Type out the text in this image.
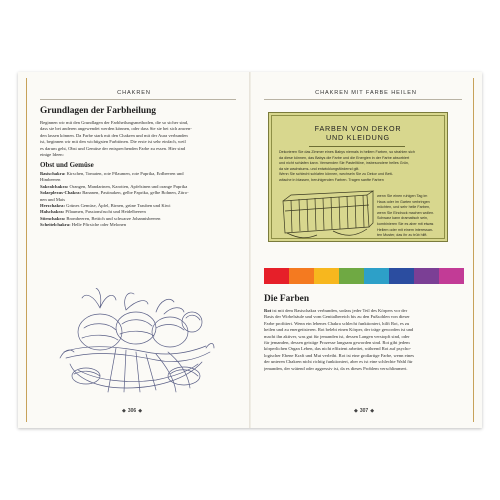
CHAKREN
Grundlagen der Farbheilung
Beginnen wir mit den Grundlagen der Farbheilungsmethoden, die so sicher sind,
dass sie bei anderen angewendet werden können, oder dass Sie sie bei sich anwen-
den lassen können. Da Farbe stark mit den Chakren und mit der Aura verbunden
ist, beginnen wir mit den wichtigsten Farbtönen. Die erste ist sehr einfach, weil
es darum geht, Obst und Gemüse der entsprechenden Farbe zu essen. Hier sind
einige Ideen:
Obst und Gemüse
Basischakra: Kirschen, Tomaten, rote Pflaumen, rote Paprika, Erdbeeren und
Himbeeren
Sakralchakra: Orangen, Mandarinen, Karotten, Apfelsinen und orange Paprika
Solarplexus-Chakra: Bananen, Pastinaken, gelbe Paprika, gelbe Bohnen, Zitro-
nen und Mais
Herzchakra: Grünes Gemüse, Äpfel, Birnen, grüne Trauben und Kiwi
Halschakra: Pflaumen, Passionsfrucht und Heidelbeeren
Stirnchakra: Brombeeren, Bettich und schwarze Johannisbeeren
Scheitelchakra: Helle Pfirsiche oder Melonen
◆ 306 ◆
CHAKREN MIT FARBE HEILEN
FARBEN VON DEKOR
UND KLEIDUNG
Dekorieren Sie das Zimmer eines Babys niemals in hellem Farben, so strahlen sich
da diese können, das Babys die Farbe und die Energien in der Farbe absorbiert
und nicht schlafen kann. Verwenden Sie Pastelltöne, insbesondere helles Grün,
da sie wachstums- und entwicklungsfördernd gilt.
Wenn Sie schlecht schlafen können, wechseln Sie zu Dekor und Bett-
wäsche in blassen, beruhigenden Farben. Tragen sanfte Farben
wenn Sie einen ruhigen Tag im
Haus oder im Garten verbringen
möchten, und sehr helle Farben,
wenn Sie Eindruck machen wollen.
Schwarz kann dramatisch sein,
kombinieren Sie es aber mit etwas
Hellem oder mit einem interessan-
ten Muster, das ihr zu trüb hilft.
Die Farben
Rot ist mit dem Basischakra verbunden, sodass jeder Teil des Körpers vor der
Basis der Wirbelsäule und vom Genitalbereich bis zu den Fußsohlen von dieser
Farbe profitiert. Wenn ein lebenes Chakra schlecht funktioniert, hilft Rot, es zu
heilen und zu energetisieren. Rot belebt einen Körper, der träge geworden ist und
macht ihn aktiver, was gut für jemanden ist, dessen Langen verstopft sind, oder
für jemanden, dessen geistige Prozesse langsam geworden sind. Rot gibt jedem
körperlichen Organ Leben, das nicht effizient arbeitet, während Rot auf psycho-
logischer Ebene Kraft und Mut verleiht. Rot ist eine großartige Farbe, wenn eines
der unteren Chakren nicht richtig funktioniert, aber es ist eine schlechte Wahl für
jemanden, der wütend oder aggressiv ist, da es dieses Problem verschlimmert.
◆ 307 ◆
